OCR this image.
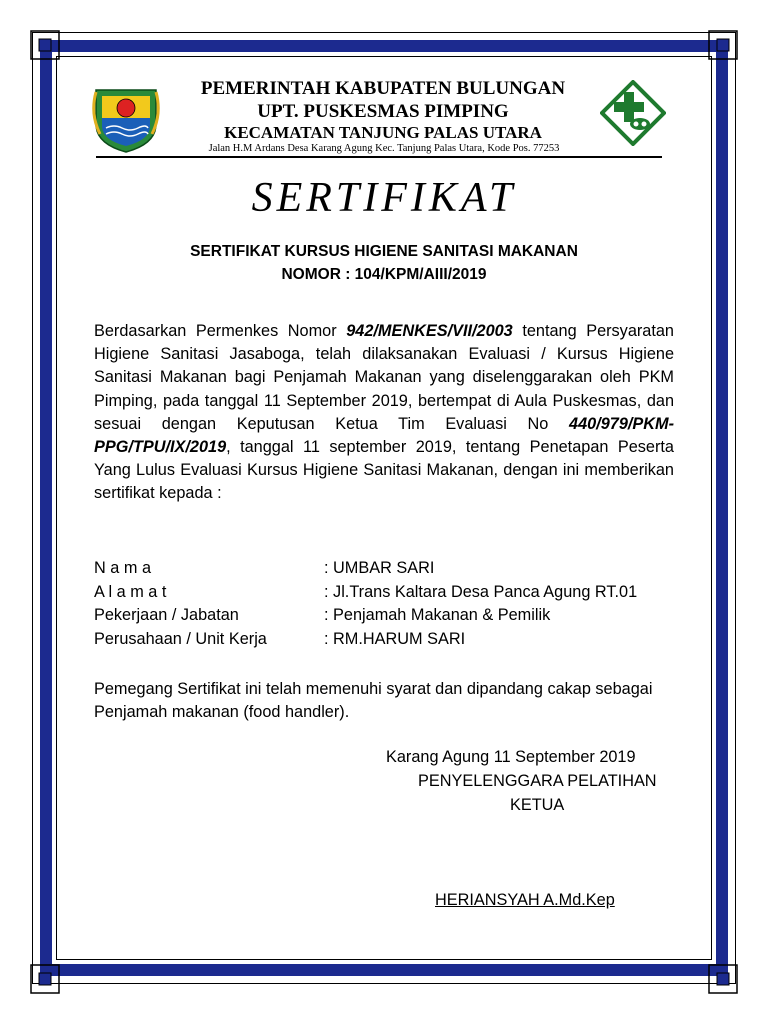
PEMERINTAH KABUPATEN BULUNGAN
UPT. PUSKESMAS PIMPING
KECAMATAN TANJUNG PALAS UTARA
Jalan H.M Ardans Desa Karang Agung Kec. Tanjung Palas Utara, Kode Pos. 77253
SERTIFIKAT
SERTIFIKAT KURSUS HIGIENE SANITASI MAKANAN
NOMOR : 104/KPM/AIII/2019
Berdasarkan Permenkes Nomor 942/MENKES/VII/2003 tentang Persyaratan Higiene Sanitasi Jasaboga, telah dilaksanakan Evaluasi / Kursus Higiene Sanitasi Makanan bagi Penjamah Makanan yang diselenggarakan oleh PKM Pimping, pada tanggal 11 September 2019, bertempat di Aula Puskesmas, dan sesuai dengan Keputusan Ketua Tim Evaluasi No 440/979/PKM-PPG/TPU/IX/2019, tanggal 11 september 2019, tentang Penetapan Peserta Yang Lulus Evaluasi Kursus Higiene Sanitasi Makanan, dengan ini memberikan sertifikat kepada :
N a m a	: UMBAR SARI
A l a m a t	: Jl.Trans Kaltara Desa Panca Agung RT.01
Pekerjaan / Jabatan	: Penjamah Makanan & Pemilik
Perusahaan / Unit Kerja	: RM.HARUM SARI
Pemegang Sertifikat ini telah memenuhi syarat dan dipandang cakap sebagai Penjamah makanan (food handler).
Karang Agung 11 September 2019
PENYELENGGARA PELATIHAN
KETUA
HERIANSYAH A.Md.Kep
